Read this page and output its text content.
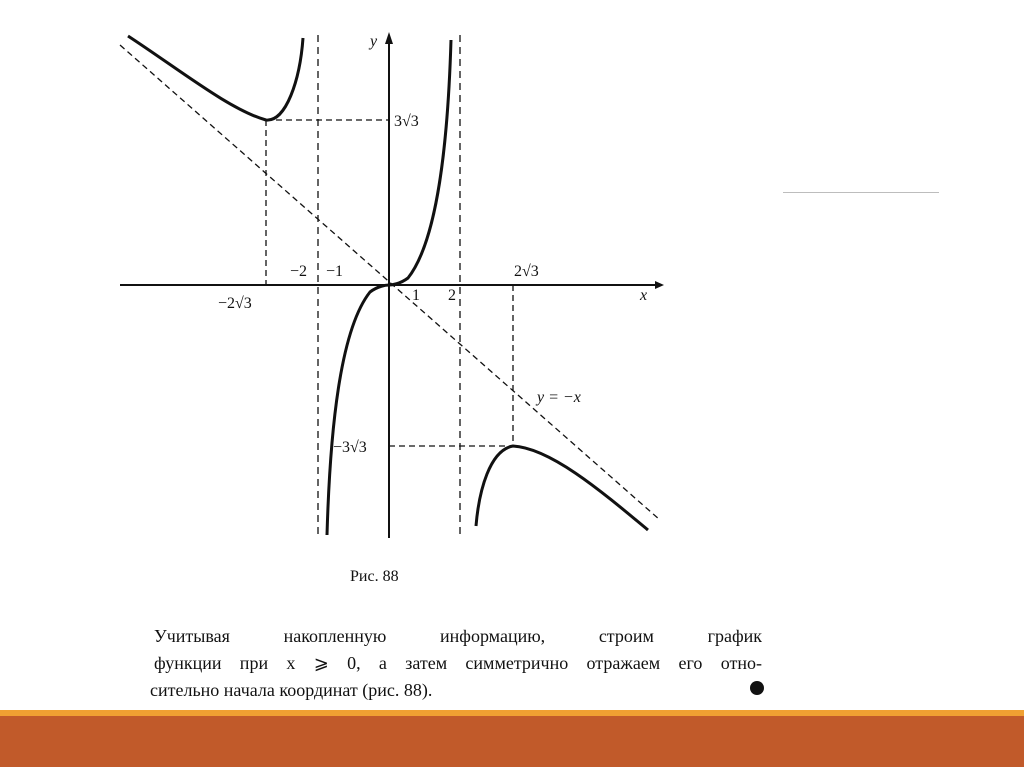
y
x
3√3
−3√3
−2 −1
1 2
−2√3
2√3
y = −x
Рис. 88
Учитывая накопленную информацию, строим график
функции при x ⩾ 0, а затем симметрично отражаем его отно-
сительно начала координат (рис. 88).
